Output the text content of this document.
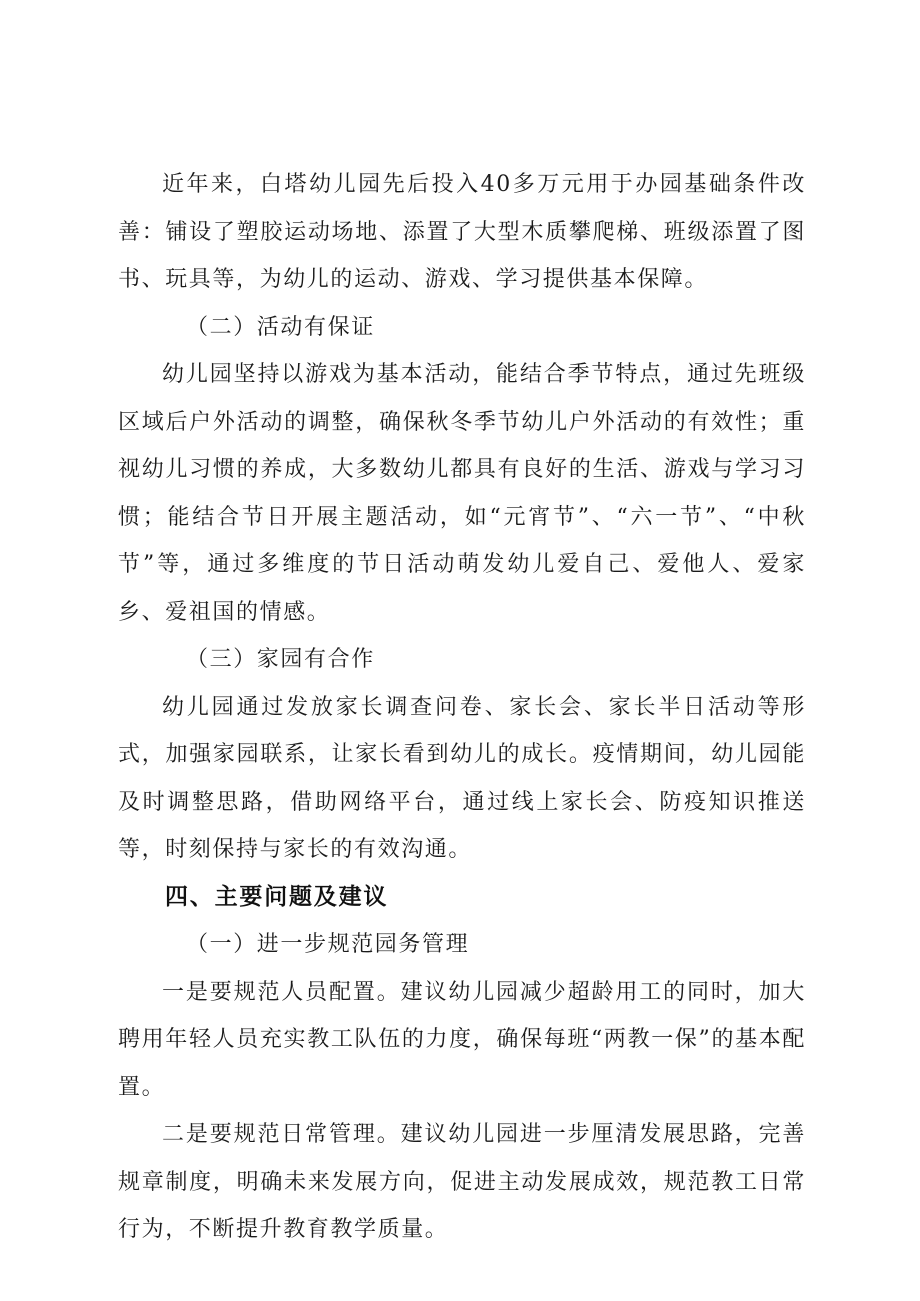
近年来，白塔幼儿园先后投入40多万元用于办园基础条件改善：铺设了塑胶运动场地、添置了大型木质攀爬梯、班级添置了图书、玩具等，为幼儿的运动、游戏、学习提供基本保障。

（二）活动有保证

幼儿园坚持以游戏为基本活动，能结合季节特点，通过先班级区域后户外活动的调整，确保秋冬季节幼儿户外活动的有效性；重视幼儿习惯的养成，大多数幼儿都具有良好的生活、游戏与学习习惯；能结合节日开展主题活动，如“元宵节”、“六一节”、“中秋节”等，通过多维度的节日活动萌发幼儿爱自己、爱他人、爱家乡、爱祖国的情感。

（三）家园有合作

幼儿园通过发放家长调查问卷、家长会、家长半日活动等形式，加强家园联系，让家长看到幼儿的成长。疫情期间，幼儿园能及时调整思路，借助网络平台，通过线上家长会、防疫知识推送等，时刻保持与家长的有效沟通。

四、主要问题及建议

（一）进一步规范园务管理

一是要规范人员配置。建议幼儿园减少超龄用工的同时，加大聘用年轻人员充实教工队伍的力度，确保每班“两教一保”的基本配置。

二是要规范日常管理。建议幼儿园进一步厘清发展思路，完善规章制度，明确未来发展方向，促进主动发展成效，规范教工日常行为，不断提升教育教学质量。
